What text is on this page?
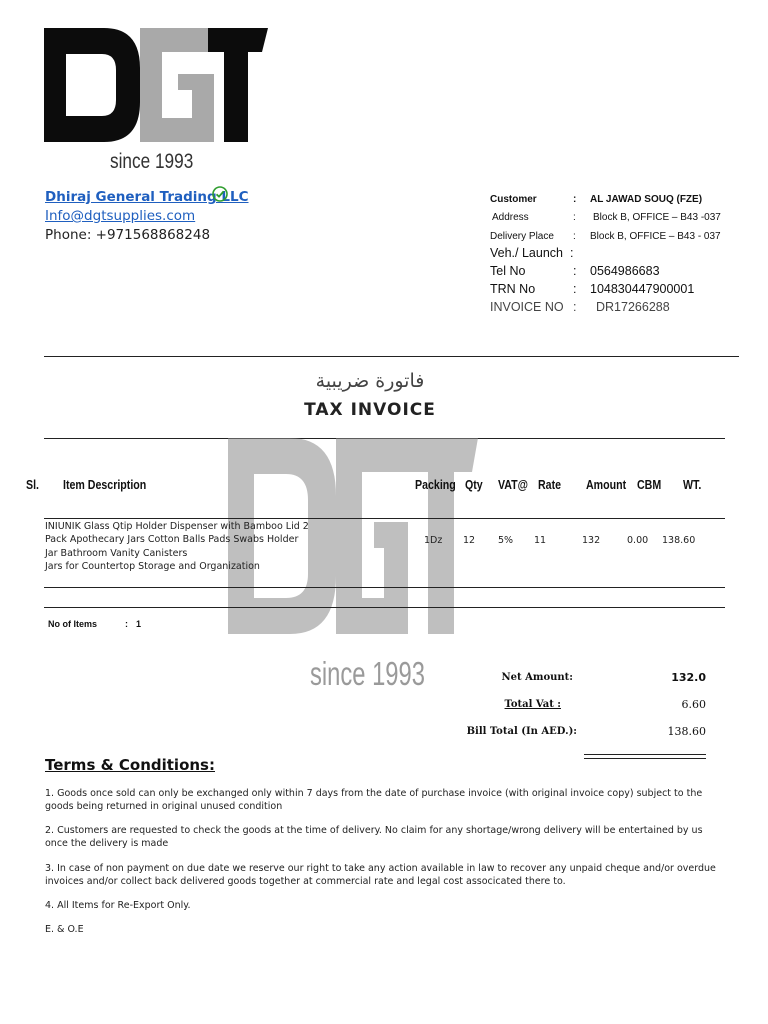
since 1993
Dhiraj General Trading LLC
Info@dgtsupplies.com
Phone: +971568868248
Customer	: AL JAWAD SOUQ (FZE)
Address	: Block B, OFFICE – B43 -037
Delivery Place : Block B, OFFICE – B43 - 037
Veh./ Launch :
Tel No	: 0564986683
TRN No	: 104830447900001
INVOICE NO : DR17266288
فاتورة ضريبية
TAX INVOICE
since 1993
Sl. Item Description	Packing Qty VAT@ Rate Amount CBM WT.
INIUNIK Glass Qtip Holder Dispenser with Bamboo Lid 2
Pack Apothecary Jars Cotton Balls Pads Swabs Holder
Jar Bathroom Vanity Canisters
Jars for Countertop Storage and Organization
1Dz 12 5% 11	132	0.00 138.60
No of Items	: 1
Net Amount:	132.0
Total Vat :	6.60
Bill Total (In AED.):	138.60
Terms & Conditions:
1. Goods once sold can only be exchanged only within 7 days from the date of purchase invoice (with original invoice copy) subject to the goods being returned in original unused condition
2. Customers are requested to check the goods at the time of delivery. No claim for any shortage/wrong delivery will be entertained by us once the delivery is made
3. In case of non payment on due date we reserve our right to take any action available in law to recover any unpaid cheque and/or overdue invoices and/or collect back delivered goods together at commercial rate and legal cost associcated there to.
4. All Items for Re-Export Only.
E. & O.E
